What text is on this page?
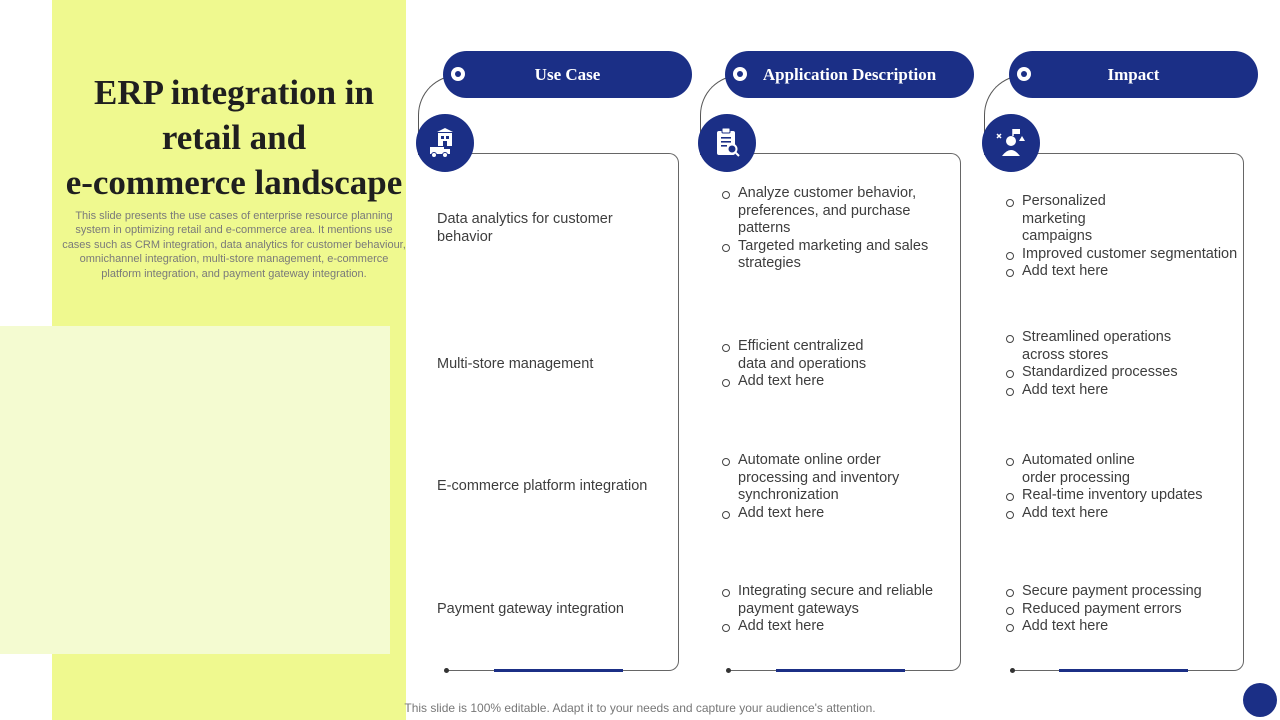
ERP integration in
retail and
e-commerce landscape

This slide presents the use cases of enterprise resource planning system in optimizing retail and e-commerce area. It mentions use cases such as CRM integration, data analytics for customer behaviour, omnichannel integration, multi-store management, e-commerce platform integration, and payment gateway integration.

Use Case	Application Description	Impact
Data analytics for customer behavior
Analyze customer behavior, preferences, and purchase patterns
Targeted marketing and sales strategies
Personalized marketing campaigns
Improved customer segmentation
Add text here
Multi-store management
Efficient centralized data and operations
Add text here
Streamlined operations across stores
Standardized processes
Add text here
E-commerce platform integration
Automate online order processing and inventory synchronization
Add text here
Automated online order processing
Real-time inventory updates
Add text here
Payment gateway integration
Integrating secure and reliable payment gateways
Add text here
Secure payment processing
Reduced payment errors
Add text here
This slide is 100% editable. Adapt it to your needs and capture your audience's attention.
